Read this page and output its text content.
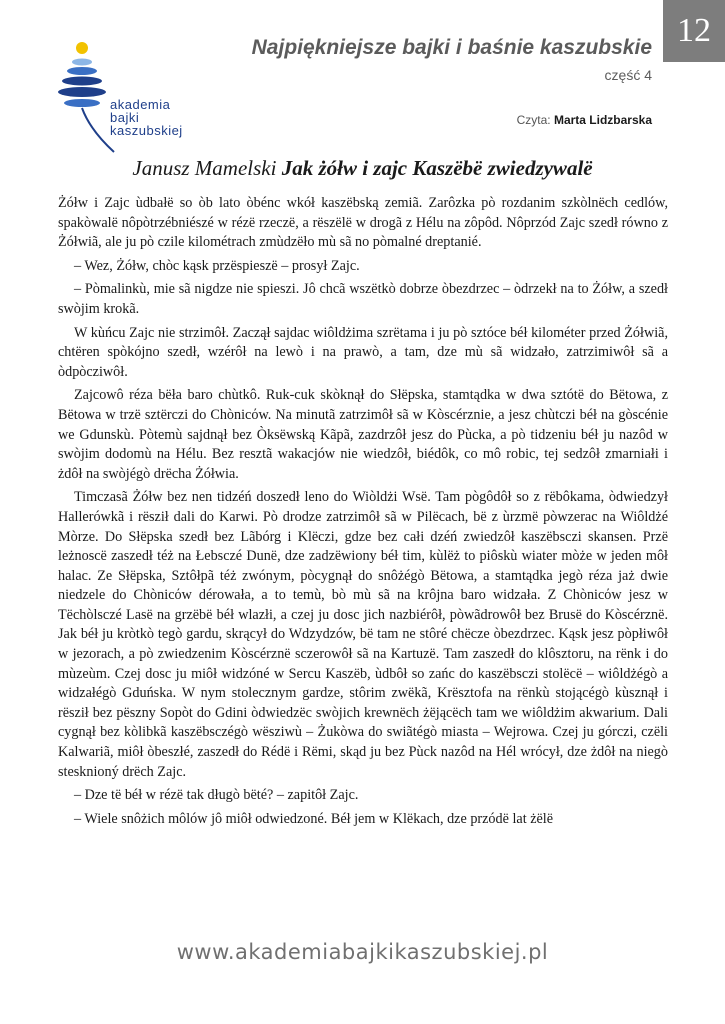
12
akademia
bajki
kaszubskiej
Najpiękniejsze bajki i baśnie kaszubskie

część 4

Czyta: Marta Lidzbarska
Janusz Mamelski Jak żółw i zajc Kaszëbë zwiedzywalë

Żółw i Zajc ùdbałë so òb lato òbénc wkół kaszëbską zemiã. Zarôzka pò rozdanim szkòlnëch cedlów, spakòwalë nôpòtrzébniészé w rézë rzeczë, a rëszëlë w drogã z Hélu na zôpôd. Nôprzód Zajc szedł równo z Żółwiã, ale ju pò czile kilométrach zmùdzëło mù sã no pòmalné dreptanié.

– Wez, Żółw, chòc kąsk przëspieszë – prosył Zajc.

– Pòmalinkù, mie sã nigdze nie spieszi. Jô chcã wszëtkò dobrze òbezdrzec – òdrzekł na to Żółw, a szedł swòjim krokã.

W kùńcu Zajc nie strzimôł. Zaczął sajdac wiôldżima szrëtama i ju pò sztóce béł kilométer przed Żółwiã, chtëren spòkójno szedł, wzérôł na lewò i na prawò, a tam, dze mù sã widzało, zatrzimiwôł sã a òdpòcziwôł.

Zajcowô réza bëła baro chùtkô. Ruk-cuk skòknął do Słëpska, stamtądka w dwa sztótë do Bëtowa, z Bëtowa w trzë sztërczi do Chònicόw. Na minutã zatrzimôł sã w Kòscérznie, a jesz chùtczi béł na gòscénie we Gdunskù. Pòtemù sajdnął bez Òksëwską Kãpã, zazdrzôł jesz do Pùcka, a pò tidzeniu béł ju nazôd w swòjim dodomù na Hélu. Bez resztã wakacjów nie wiedzôł, biédôk, co mô robic, tej sedzôł zmarniałi i żdôł na swòjégò drëcha Żółwia.

Timczasã Żółw bez nen tidzéń doszedł leno do Wiòldżi Wsë. Tam pògôdôł so z rëbôkama, òdwiedzył Hallerówkã i rësził dali do Karwi. Pò drodze zatrzimôł sã w Pilëcach, bë z ùrzmë pòwzerac na Wiôldżé Mòrze. Do Słëpska szedł bez Lãbórg i Klëczi, gdze bez całi dzéń zwiedzôł kaszëbsczi skansen. Przë leżnoscë zaszedł téż na Łebsczé Dunë, dze zadzëwiony béł tim, kùlëż to piôskù wiater mòże w jeden môł halac. Ze Słëpska, Sztôłpã téż zwónym, pòcygnął do snôżégò Bëtowa, a stamtądka jegò réza jaż dwie niedzele do Chònicόw dérowała, a to temù, bò mù sã na krôjna baro widzała. Z Chònicόw jesz w Tëchòlsczé Lasë na grzëbë béł wlazłi, a czej ju dosc jich nazbiérôł, pòwãdrowôł bez Brusë do Kòscérznë. Jak béł ju kròtkò tegò gardu, skrącył do Wdzydzów, bë tam ne stôré chëcze òbezdrzec. Kąsk jesz pòpłiwôł w jezorach, a pò zwiedzenim Kòscérznë sczerowôł sã na Kartuzë. Tam zaszedł do klôsztoru, na rënk i do mùzeùm. Czej dosc ju miôł widzóné w Sercu Kaszëb, ùdbôł so zańc do kaszëbsczi stolëcë – wiôldżégò a widzałégò Gduńska. W nym stolecznym gardze, stôrim zwëkã, Krësztofa na rënkù stojącégò kùsznął i rësził bez pëszny Sopòt do Gdini òdwiedzëc swòjich krewnëch żëjącëch tam we wiôldżim akwarium. Dali cygnął bez kòlibkã kaszëbsczégò wësziwù – Żukòwa do swiãtégò miasta – Wejrowa. Czej ju górczi, czëli Kalwariã, miôł òbeszłé, zaszedł do Rédë i Rëmi, skąd ju bez Pùck nazôd na Hél wrócył, dze żdôł na niegò stesknioný drëch Zajc.

– Dze të béł w rézë tak długò bëté? – zapitôł Zajc.

– Wiele snôżich môlów jô miôł odwiedzoné. Béł jem w Klëkach, dze przódë lat żëlë

www.akademiabajkikaszubskiej.pl
